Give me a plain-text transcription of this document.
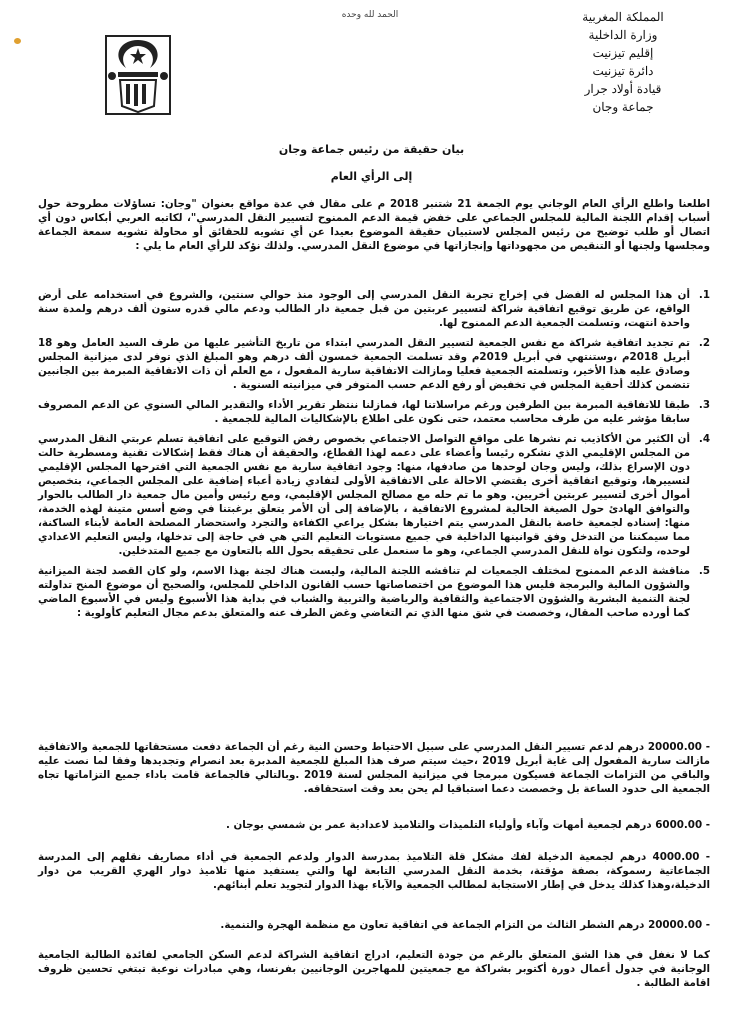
الحمد لله وحده	المملكة المغربية
وزارة الداخلية
إقليم تيزنيت
دائرة تيزنيت
قيادة أولاد جرار
جماعة وجان
بيان حقيقة من رئيس جماعة وجان
إلى الرأي العام

اطلعنا واطلع الرأي العام الوجاني يوم الجمعة 21 شتنبر 2018 م على مقال في عدة مواقع بعنوان "وجان: تساؤلات مطروحة حول أسباب إقدام اللجنة المالية للمجلس الجماعي على خفض قيمة الدعم الممنوح لتسيير النقل المدرسي"، لكاتبه العربي أبكاس دون أي اتصال أو طلب توضيح من رئيس المجلس لاستبيان حقيقة الموضوع بعيدا عن أي تشويه للحقائق أو محاولة تشويه سمعة الجماعة ومجلسها ولجنها أو التنقيص من مجهوداتها وإنجازاتها في موضوع النقل المدرسي. ولذلك نؤكد للرأي العام ما يلي :

1.

أن هذا المجلس له الفضل في إخراج تجربة النقل المدرسي إلى الوجود منذ حوالي سنتين، والشروع في استخدامه على أرض الواقع، عن طريق توقيع اتفاقية شراكة لتسيير عربتين من قبل جمعية دار الطالب ودعم مالي قدره ستون ألف درهم ولمدة سنة واحدة انتهت، وتسلمت الجمعية الدعم الممنوح لها.

2.

تم تجديد اتفاقية شراكة مع نفس الجمعية لتسيير النقل المدرسي ابتداء من تاريخ التأشير عليها من طرف السيد العامل وهو 18 أبريل 2018م ،وستنتهي في أبريل 2019م وقد تسلمت الجمعية خمسون ألف درهم وهو المبلغ الذي توفر لدى ميزانية المجلس وصادق عليه هذا الأخير، وتسلمته الجمعية فعليا ومازالت الاتفاقية سارية المفعول ، مع العلم أن ذات الاتفاقية المبرمة بين الجانبين تتضمن كذلك أحقية المجلس في تخفيض أو رفع الدعم حسب المتوفر في ميزانيته السنوية .

3.

طبقا للاتفاقية المبرمة بين الطرفين ورغم مراسلاتنا لها، فمازلنا ننتظر تقرير الأداء والتقدير المالي السنوي عن الدعم المصروف سابقا مؤشر عليه من طرف محاسب معتمد، حتى نكون على اطلاع بالإشكاليات المالية للجمعية .

4.

أن الكثير من الأكاذيب تم نشرها على مواقع التواصل الاجتماعي بخصوص رفض التوقيع على اتفاقية تسلم عربتي النقل المدرسي من المجلس الإقليمي الذي نشكره رئيسا وأعضاء على دعمه لهذا القطاع، والحقيقة أن هناك فقط إشكالات تقنية ومسطرية حالت دون الإسراع بذلك، وليس وجان لوحدها من صادفها، منها: وجود اتفاقية سارية مع نفس الجمعية التي اقترحها المجلس الإقليمي لتسييرها، وتوقيع اتفاقية أخرى يقتضي الاحالة على الاتفاقية الأولى لتفادي زيادة أعباء إضافية على المجلس الجماعي، بتخصيص أموال أخرى لتسيير عربتين أخريين. وهو ما تم حله مع مصالح المجلس الإقليمي، ومع رئيس وأمين مال جمعية دار الطالب بالحوار والتوافق الهادئ حول الصيغة الحالية لمشروع الاتفاقية ، بالإضافة إلى أن الأمر يتعلق برغبتنا في وضع أسس متينة لهذه الخدمة، منها: إسناده لجمعية خاصة بالنقل المدرسي يتم اختيارها بشكل يراعي الكفاءة والتجرد واستحضار المصلحة العامة لأبناء الساكنة، مما سيمكننا من التدخل وفق قوانينها الداخلية في جميع مستويات التعليم التي هي في حاجة إلى تدخلها، وليس التعليم الاعدادي لوحده، ولتكون نواة للنقل المدرسي الجماعي، وهو ما سنعمل على تحقيقه بحول الله بالتعاون مع جميع المتدخلين.

5.

مناقشة الدعم الممنوح لمختلف الجمعيات لم تناقشه اللجنة المالية، وليست هناك لجنة بهذا الاسم، ولو كان القصد لجنة الميزانية والشؤون المالية والبرمجة فليس هذا الموضوع من اختصاصاتها حسب القانون الداخلي للمجلس، والصحيح أن موضوع المنح تداولته لجنة التنمية البشرية والشؤون الاجتماعية والثقافية والرياضية والتربية والشباب في بداية هذا الأسبوع وليس في الأسبوع الماضي كما أورده صاحب المقال، وخصصت في شق منها الذي تم التغاضي وغض الطرف عنه والمتعلق بدعم مجال التعليم كأولوية :

- 20000.00 درهم لدعم تسيير النقل المدرسي على سبيل الاحتياط وحسن النية رغم أن الجماعة دفعت مستحقاتها للجمعية والاتفاقية مازالت سارية المفعول إلى غاية أبريل 2019 ،حيث سيتم صرف هذا المبلغ للجمعية المدبرة بعد انصرام وتجديدها وفقا لما نصت عليه والباقي من التزامات الجماعة فسيكون مبرمجا في ميزانية المجلس لسنة 2019 .وبالتالي فالجماعة قامت باداء جميع التزاماتها تجاه الجمعية الى حدود الساعة بل وخصصت دعما استباقيا لم يحن بعد وقت استحقاقه.

- 6000.00 درهم لجمعية أمهات وآباء وأولياء التلميذات والتلاميذ لاعدادية عمر بن شمسي بوجان .

- 4000.00 درهم لجمعية الدخيلة لفك مشكل قلة التلاميذ بمدرسة الدوار ولدعم الجمعية في أداء مصاريف نقلهم إلى المدرسة الجماعاتية رسموكة، بصفة مؤقتة، بخدمة النقل المدرسي التابعة لها والتي يستفيد منها تلاميذ دوار الهري القريب من دوار الدخيلة،وهذا كذلك يدخل في إطار الاستجابة لمطالب الجمعية والآباء بهذا الدوار لتجويد تعلم أبنائهم.

- 20000.00 درهم الشطر الثالث من التزام الجماعة في اتفاقية تعاون مع منظمة الهجرة والتنمية.

كما لا نغفل في هذا الشق المتعلق بالرغم من جودة التعليم، ادراج اتفاقية الشراكة لدعم السكن الجامعي لفائدة الطالبة الجامعية الوجانية في جدول أعمال دورة أكتوبر بشراكة مع جمعيتين للمهاجرين الوجانيين بفرنسا، وهي مبادرات نوعية تبتغي تحسين ظروف اقامة الطالبة .
